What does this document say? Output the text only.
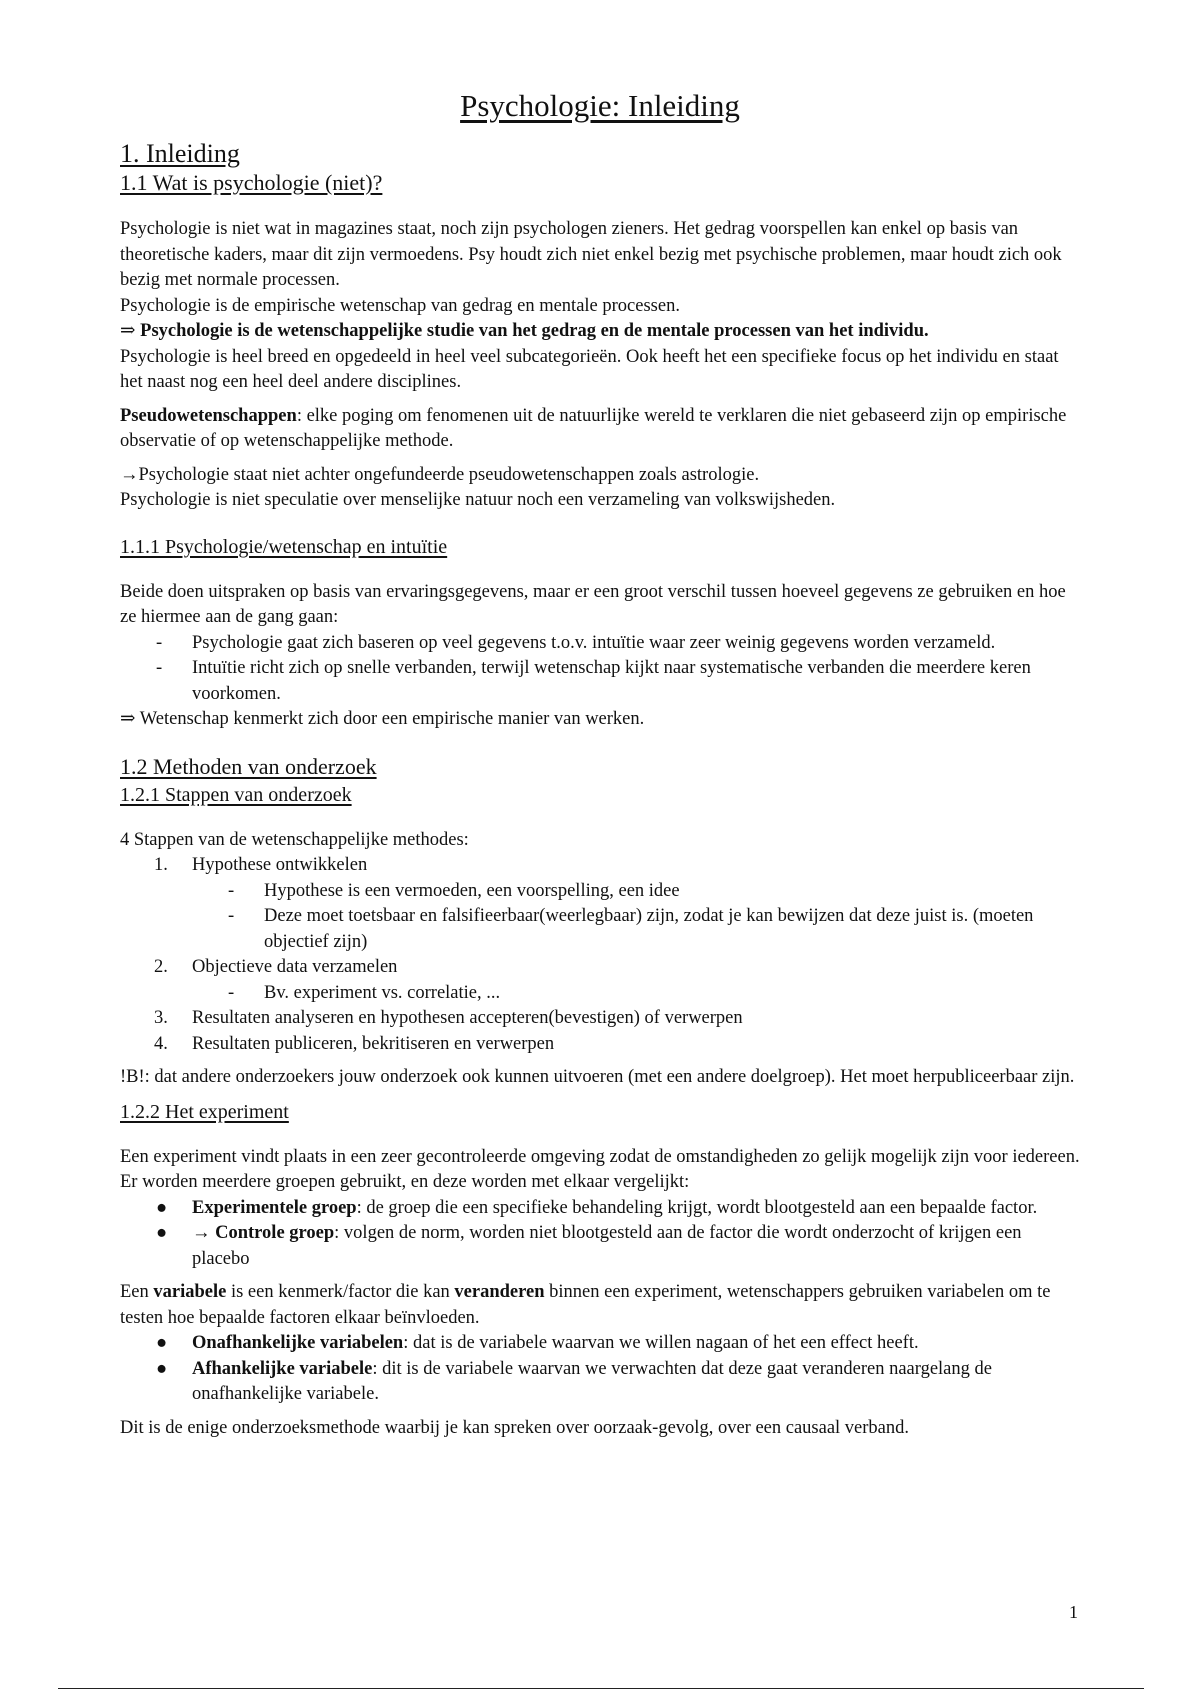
Psychologie: Inleiding
1. Inleiding
1.1 Wat is psychologie (niet)?

Psychologie is niet wat in magazines staat, noch zijn psychologen zieners. Het gedrag voorspellen kan enkel op basis van theoretische kaders, maar dit zijn vermoedens. Psy houdt zich niet enkel bezig met psychische problemen, maar houdt zich ook bezig met normale processen.

Psychologie is de empirische wetenschap van gedrag en mentale processen.

⇒ Psychologie is de wetenschappelijke studie van het gedrag en de mentale processen van het individu.

Psychologie is heel breed en opgedeeld in heel veel subcategorieën. Ook heeft het een specifieke focus op het individu en staat het naast nog een heel deel andere disciplines.

Pseudowetenschappen: elke poging om fenomenen uit de natuurlijke wereld te verklaren die niet gebaseerd zijn op empirische observatie of op wetenschappelijke methode.

→Psychologie staat niet achter ongefundeerde pseudowetenschappen zoals astrologie.

Psychologie is niet speculatie over menselijke natuur noch een verzameling van volkswijsheden.

1.1.1 Psychologie/wetenschap en intuïtie

Beide doen uitspraken op basis van ervaringsgegevens, maar er een groot verschil tussen hoeveel gegevens ze gebruiken en hoe ze hiermee aan de gang gaan:

- Psychologie gaat zich baseren op veel gegevens t.o.v. intuïtie waar zeer weinig gegevens worden verzameld.
- Intuïtie richt zich op snelle verbanden, terwijl wetenschap kijkt naar systematische verbanden die meerdere keren voorkomen.

⇒ Wetenschap kenmerkt zich door een empirische manier van werken.

1.2 Methoden van onderzoek
1.2.1 Stappen van onderzoek

4 Stappen van de wetenschappelijke methodes:

1. Hypothese ontwikkelen
- Hypothese is een vermoeden, een voorspelling, een idee
- Deze moet toetsbaar en falsifieerbaar(weerlegbaar) zijn, zodat je kan bewijzen dat deze juist is. (moeten objectief zijn)
2. Objectieve data verzamelen
- Bv. experiment vs. correlatie, ...
3. Resultaten analyseren en hypothesen accepteren(bevestigen) of verwerpen
4. Resultaten publiceren, bekritiseren en verwerpen

!B!: dat andere onderzoekers jouw onderzoek ook kunnen uitvoeren (met een andere doelgroep). Het moet herpubliceerbaar zijn.

1.2.2 Het experiment

Een experiment vindt plaats in een zeer gecontroleerde omgeving zodat de omstandigheden zo gelijk mogelijk zijn voor iedereen. Er worden meerdere groepen gebruikt, en deze worden met elkaar vergelijkt:

● Experimentele groep: de groep die een specifieke behandeling krijgt, wordt blootgesteld aan een bepaalde factor.
● → Controle groep: volgen de norm, worden niet blootgesteld aan de factor die wordt onderzocht of krijgen een placebo

Een variabele is een kenmerk/factor die kan veranderen binnen een experiment, wetenschappers gebruiken variabelen om te testen hoe bepaalde factoren elkaar beïnvloeden.

● Onafhankelijke variabelen: dat is de variabele waarvan we willen nagaan of het een effect heeft.
● Afhankelijke variabele: dit is de variabele waarvan we verwachten dat deze gaat veranderen naargelang de onafhankelijke variabele.

Dit is de enige onderzoeksmethode waarbij je kan spreken over oorzaak-gevolg, over een causaal verband.

1
